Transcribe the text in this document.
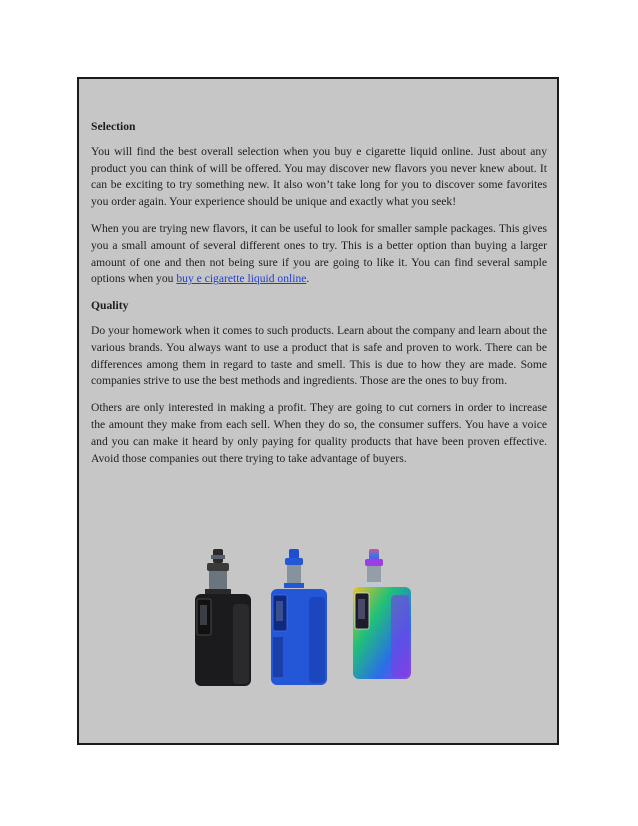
Selection

You will find the best overall selection when you buy e cigarette liquid online. Just about any product you can think of will be offered. You may discover new flavors you never knew about. It can be exciting to try something new. It also won’t take long for you to discover some favorites you order again. Your experience should be unique and exactly what you seek!

When you are trying new flavors, it can be useful to look for smaller sample packages. This gives you a small amount of several different ones to try. This is a better option than buying a larger amount of one and then not being sure if you are going to like it. You can find several sample options when you buy e cigarette liquid online.

Quality

Do your homework when it comes to such products. Learn about the company and learn about the various brands. You always want to use a product that is safe and proven to work. There can be differences among them in regard to taste and smell. This is due to how they are made. Some companies strive to use the best methods and ingredients. Those are the ones to buy from.

Others are only interested in making a profit. They are going to cut corners in order to increase the amount they make from each sell. When they do so, the consumer suffers. You have a voice and you can make it heard by only paying for quality products that have been proven effective. Avoid those companies out there trying to take advantage of buyers.
